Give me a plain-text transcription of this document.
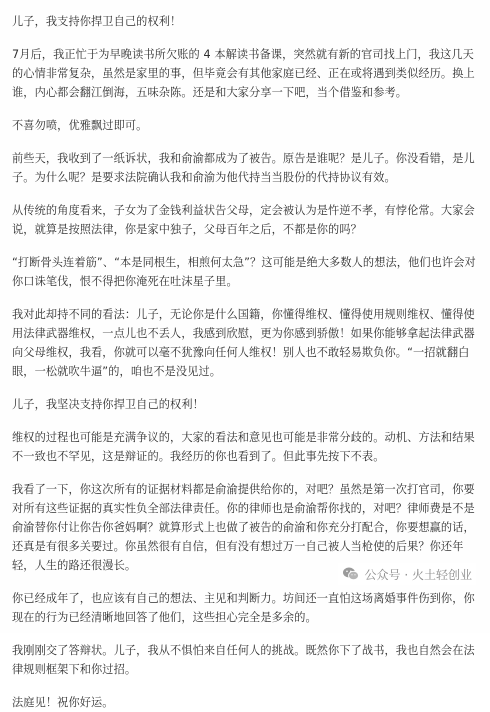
儿子，我支持你捍卫自己的权利！

7月后，我正忙于为早晚读书所欠账的 4 本解读书备课，突然就有新的官司找上门，我这几天的心情非常复杂，虽然是家里的事，但毕竟会有其他家庭已经、正在或将遇到类似经历。换上谁，内心都会翻江倒海，五味杂陈。还是和大家分享一下吧，当个借鉴和参考。

不喜勿喷，优雅飘过即可。

前些天，我收到了一纸诉状，我和俞渝都成为了被告。原告是谁呢？是儿子。你没看错，是儿子。为什么呢？是要求法院确认我和俞渝为他代持当当股份的代持协议有效。

从传统的角度看来，子女为了金钱利益状告父母，定会被认为是忤逆不孝，有悖伦常。大家会说，就算是按照法律，你是家中独子，父母百年之后，不都是你的吗？

“打断骨头连着筋”、“本是同根生，相煎何太急”？这可能是绝大多数人的想法，他们也许会对你口诛笔伐，恨不得把你淹死在吐沫星子里。

我对此却持不同的看法：儿子，无论你是什么国籍，你懂得维权、懂得使用规则维权、懂得使用法律武器维权，一点儿也不丢人，我感到欣慰，更为你感到骄傲！如果你能够拿起法律武器向父母维权，我看，你就可以毫不犹豫向任何人维权！别人也不敢轻易欺负你。“一招就翻白眼，一松就吹牛逼”的，咱也不是没见过。

儿子，我坚决支持你捍卫自己的权利！

维权的过程也可能是充满争议的，大家的看法和意见也可能是非常分歧的。动机、方法和结果不一致也不罕见，这是辩证的。我经历的你也看到了。但此事先按下不表。

我看了一下，你这次所有的证据材料都是俞渝提供给你的，对吧？虽然是第一次打官司，你要对所有这些证据的真实性负全部法律责任。你的律师也是俞渝帮你找的，对吧？律师费是不是俞渝替你付让你告你爸妈啊？就算形式上也做了被告的俞渝和你充分打配合，你要想赢的话，还真是有很多关要过。你虽然很有自信，但有没有想过万一自己被人当枪使的后果？你还年轻，人生的路还很漫长。

你已经成年了，也应该有自己的想法、主见和判断力。坊间还一直怕这场离婚事件伤到你，你现在的行为已经清晰地回答了他们，这些担心完全是多余的。

我刚刚交了答辩状。儿子，我从不惧怕来自任何人的挑战。既然你下了战书，我也自然会在法律规则框架下和你过招。

法庭见！祝你好运。

公众号 · 火土轻创业
